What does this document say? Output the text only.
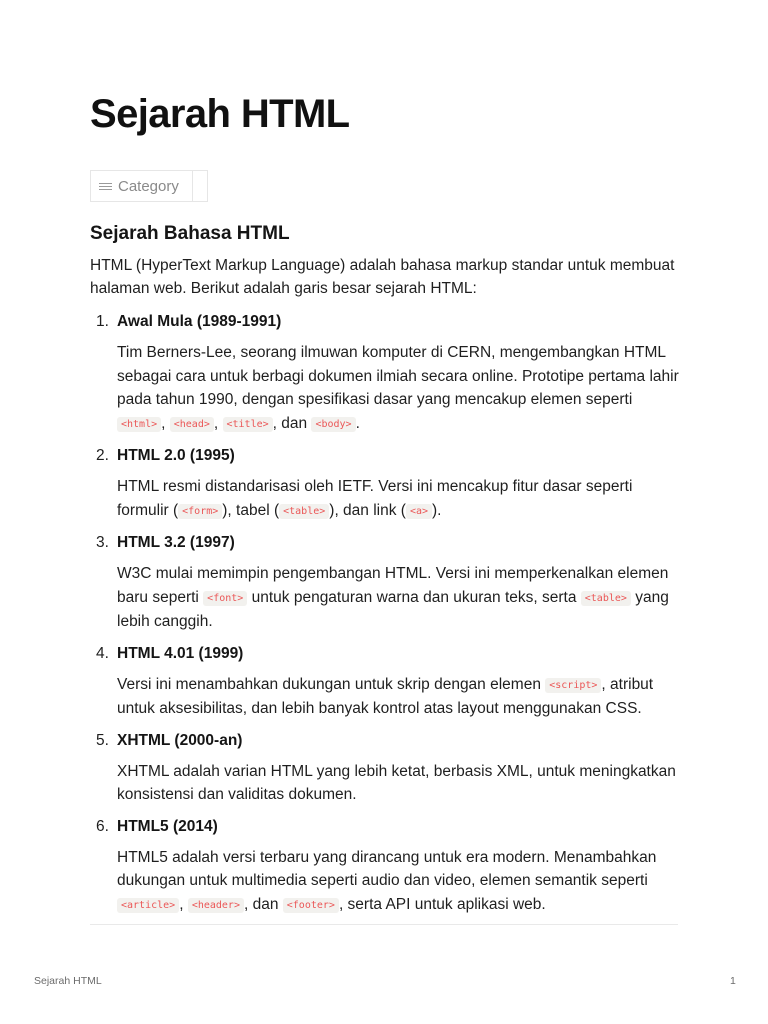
Sejarah HTML
Category
Sejarah Bahasa HTML

HTML (HyperText Markup Language) adalah bahasa markup standar untuk membuat halaman web. Berikut adalah garis besar sejarah HTML:

1. Awal Mula (1989-1991)

Tim Berners-Lee, seorang ilmuwan komputer di CERN, mengembangkan HTML sebagai cara untuk berbagi dokumen ilmiah secara online. Prototipe pertama lahir pada tahun 1990, dengan spesifikasi dasar yang mencakup elemen seperti <html> , <head> , <title> , dan <body> .

2. HTML 2.0 (1995)

HTML resmi distandarisasi oleh IETF. Versi ini mencakup fitur dasar seperti formulir ( <form> ), tabel ( <table> ), dan link ( <a> ).

3. HTML 3.2 (1997)

W3C mulai memimpin pengembangan HTML. Versi ini memperkenalkan elemen baru seperti <font> untuk pengaturan warna dan ukuran teks, serta <table> yang lebih canggih.

4. HTML 4.01 (1999)

Versi ini menambahkan dukungan untuk skrip dengan elemen <script> , atribut untuk aksesibilitas, dan lebih banyak kontrol atas layout menggunakan CSS.

5. XHTML (2000-an)

XHTML adalah varian HTML yang lebih ketat, berbasis XML, untuk meningkatkan konsistensi dan validitas dokumen.

6. HTML5 (2014)

HTML5 adalah versi terbaru yang dirancang untuk era modern. Menambahkan dukungan untuk multimedia seperti audio dan video, elemen semantik seperti <article> , <header> , dan <footer> , serta API untuk aplikasi web.

Sejarah HTML	1
